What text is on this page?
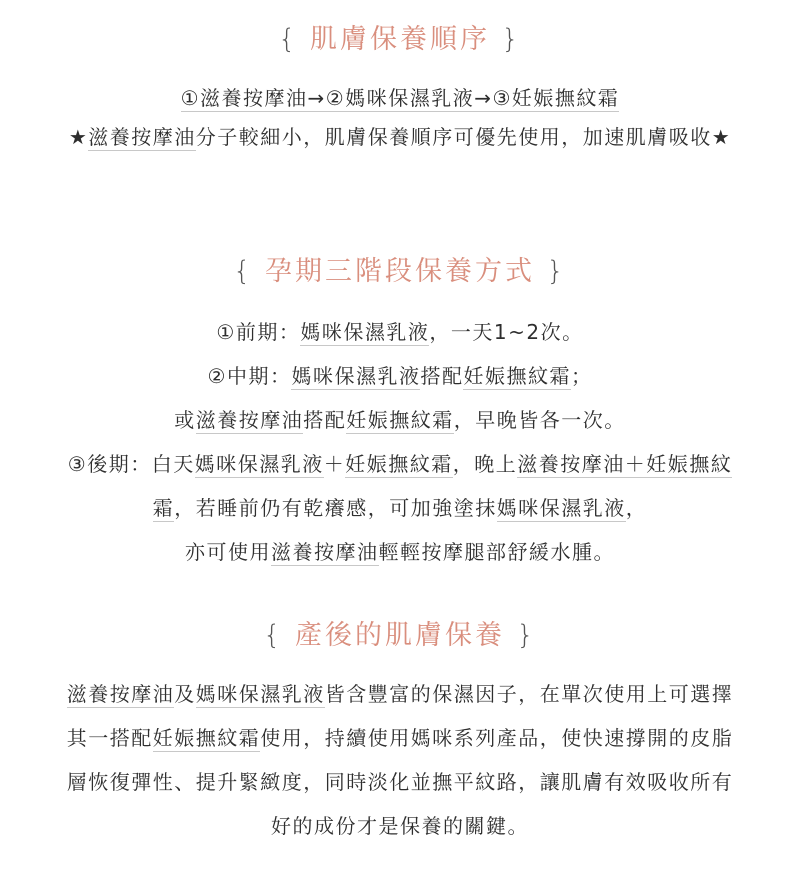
{ 肌膚保養順序 }
①滋養按摩油→②媽咪保濕乳液→③妊娠撫紋霜
★滋養按摩油分子較細小，肌膚保養順序可優先使用，加速肌膚吸收★
{ 孕期三階段保養方式 }
①前期：媽咪保濕乳液，一天1~2次。
②中期：媽咪保濕乳液搭配妊娠撫紋霜；
或滋養按摩油搭配妊娠撫紋霜，早晚皆各一次。
③後期：白天媽咪保濕乳液＋妊娠撫紋霜，晚上滋養按摩油＋妊娠撫紋
霜，若睡前仍有乾癢感，可加強塗抹媽咪保濕乳液，
亦可使用滋養按摩油輕輕按摩腿部舒緩水腫。
{ 產後的肌膚保養 }
滋養按摩油及媽咪保濕乳液皆含豐富的保濕因子，在單次使用上可選擇
其一搭配妊娠撫紋霜使用，持續使用媽咪系列產品，使快速撐開的皮脂
層恢復彈性、提升緊緻度，同時淡化並撫平紋路，讓肌膚有效吸收所有
好的成份才是保養的關鍵。
